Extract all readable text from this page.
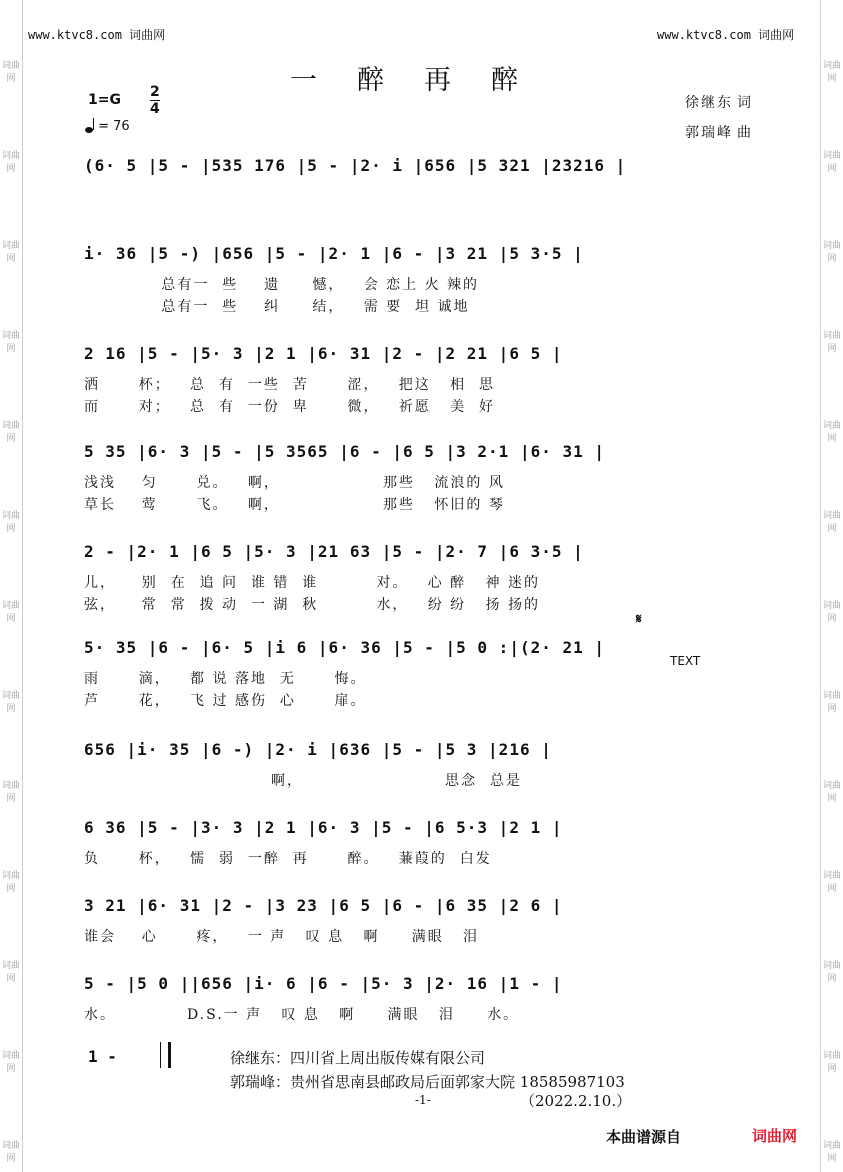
词曲网
词曲网
词曲网
词曲网
词曲网
词曲网
词曲网
词曲网
词曲网
词曲网
词曲网
词曲网
词曲网
词曲网
词曲网
词曲网
词曲网
词曲网
词曲网
词曲网
词曲网
词曲网
词曲网
词曲网
词曲网
词曲网
www.ktvc8.com 词曲网	www.ktvc8.com 词曲网
一醉再醉
徐继东 词
郭瑞峰 曲
1=G 2
4
= 76
(6· 5 |5 - |535 176 |5 - |2· i |656 |5 321 |23216 |
i· 36 |5 -) |656 |5 - |2· 1 |6 - |3 21 |5 3·5 |
总有一  些    遗     憾，   会 恋上 火 辣的
总有一  些    纠     结，   需 要  坦 诚地
2 16 |5 - |5· 3 |2 1 |6· 31 |2 - |2 21 |6 5 |
洒      杯；   总  有  一些  苦      涩，   把这   相  思
而      对；   总  有  一份  卑      微，   祈愿   美  好
5 35 |6· 3 |5 - |5 3565 |6 - |6 5 |3 2·1 |6· 31 |
浅浅    匀      兑。   啊，                那些   流浪的 风
草长    莺      飞。   啊，                那些   怀旧的 琴
2 - |2· 1 |6 5 |5· 3 |21 63 |5 - |2· 7 |6 3·5 |
儿，    别  在  追 问  谁 错  谁         对。   心 醉   神 迷的
弦，    常  常  拨 动  一 湖  秋         水，   纷 纷   扬 扬的
5· 35 |6 - |6· 5 |i 6 |6· 36 |5 - |5 0 :|(2· 21 |
雨      滴，   都 说 落地  无      悔。
芦      花，   飞 过 感伤  心      扉。
TEXT
656 |i· 35 |6 -) |2· i |636 |5 - |5 3 |216 |
啊，                      思念  总是
6 36 |5 - |3· 3 |2 1 |6· 3 |5 - |6 5·3 |2 1 |
负      杯，   懦  弱  一醉  再      醉。   蒹葭的  白发
3 21 |6· 31 |2 - |3 23 |6 5 |6 - |6 35 |2 6 |
谁会    心      疼，   一 声   叹 息   啊     满眼   泪
5 - |5 0 ||656 |i· 6 |6 - |5· 3 |2· 16 |1 - |
水。           D.S.一 声   叹 息   啊     满眼   泪     水。
𝄋
1 -	徐继东：四川省上周出版传媒有限公司
郭瑞峰：贵州省思南县邮政局后面郭家大院 18585987103
-1-	（2022.2.10.）
本曲谱源自	词曲网
